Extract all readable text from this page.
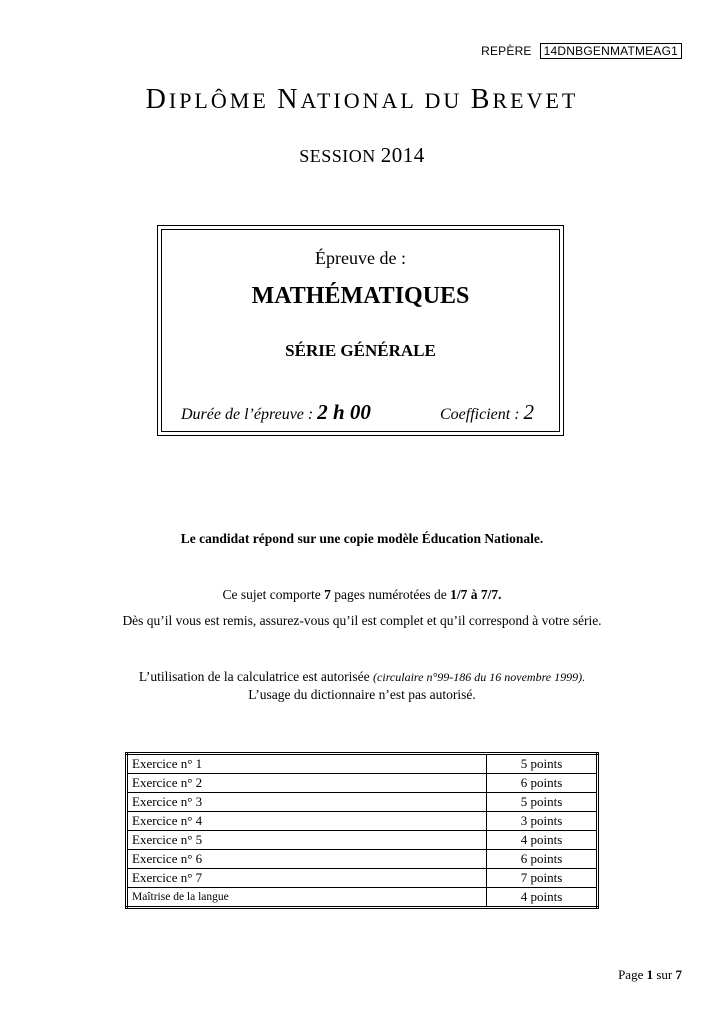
REPÈRE	14DNBGENMATMEAG1
DIPLÔME NATIONAL DU BREVET
SESSION 2014
Épreuve de :
MATHÉMATIQUES
SÉRIE GÉNÉRALE
Durée de l’épreuve : 2 h 00	Coefficient : 2
Le candidat répond sur une copie modèle Éducation Nationale.
Ce sujet comporte 7 pages numérotées de 1/7 à 7/7.
Dès qu’il vous est remis, assurez-vous qu’il est complet et qu’il correspond à votre série.
L’utilisation de la calculatrice est autorisée (circulaire n°99-186 du 16 novembre 1999).
L’usage du dictionnaire n’est pas autorisé.
Exercice n° 1	5 points
Exercice n° 2	6 points
Exercice n° 3	5 points
Exercice n° 4	3 points
Exercice n° 5	4 points
Exercice n° 6	6 points
Exercice n° 7	7 points
Maîtrise de la langue	4 points
Page 1 sur 7
